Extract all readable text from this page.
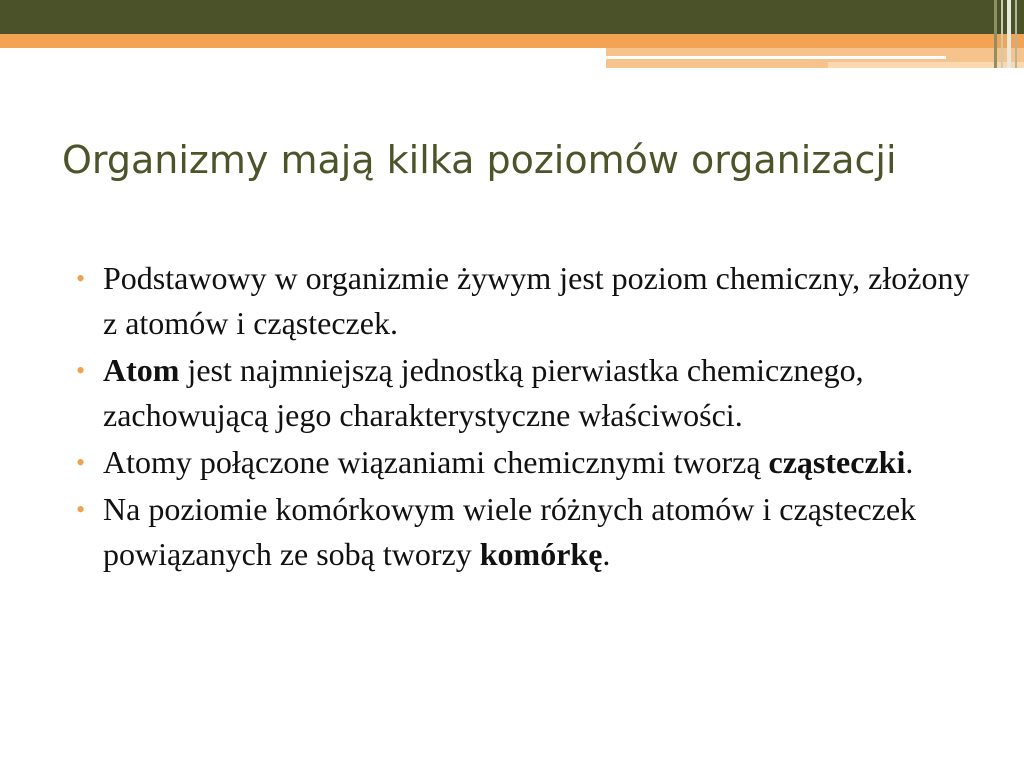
Organizmy mają kilka poziomów organizacji
• Podstawowy w organizmie żywym jest poziom chemiczny, złożony z atomów i cząsteczek.
• Atom jest najmniejszą jednostką pierwiastka chemicznego, zachowującą jego charakterystyczne właściwości.
• Atomy połączone wiązaniami chemicznymi tworzą cząsteczki.
• Na poziomie komórkowym wiele różnych atomów i cząsteczek powiązanych ze sobą tworzy komórkę.
